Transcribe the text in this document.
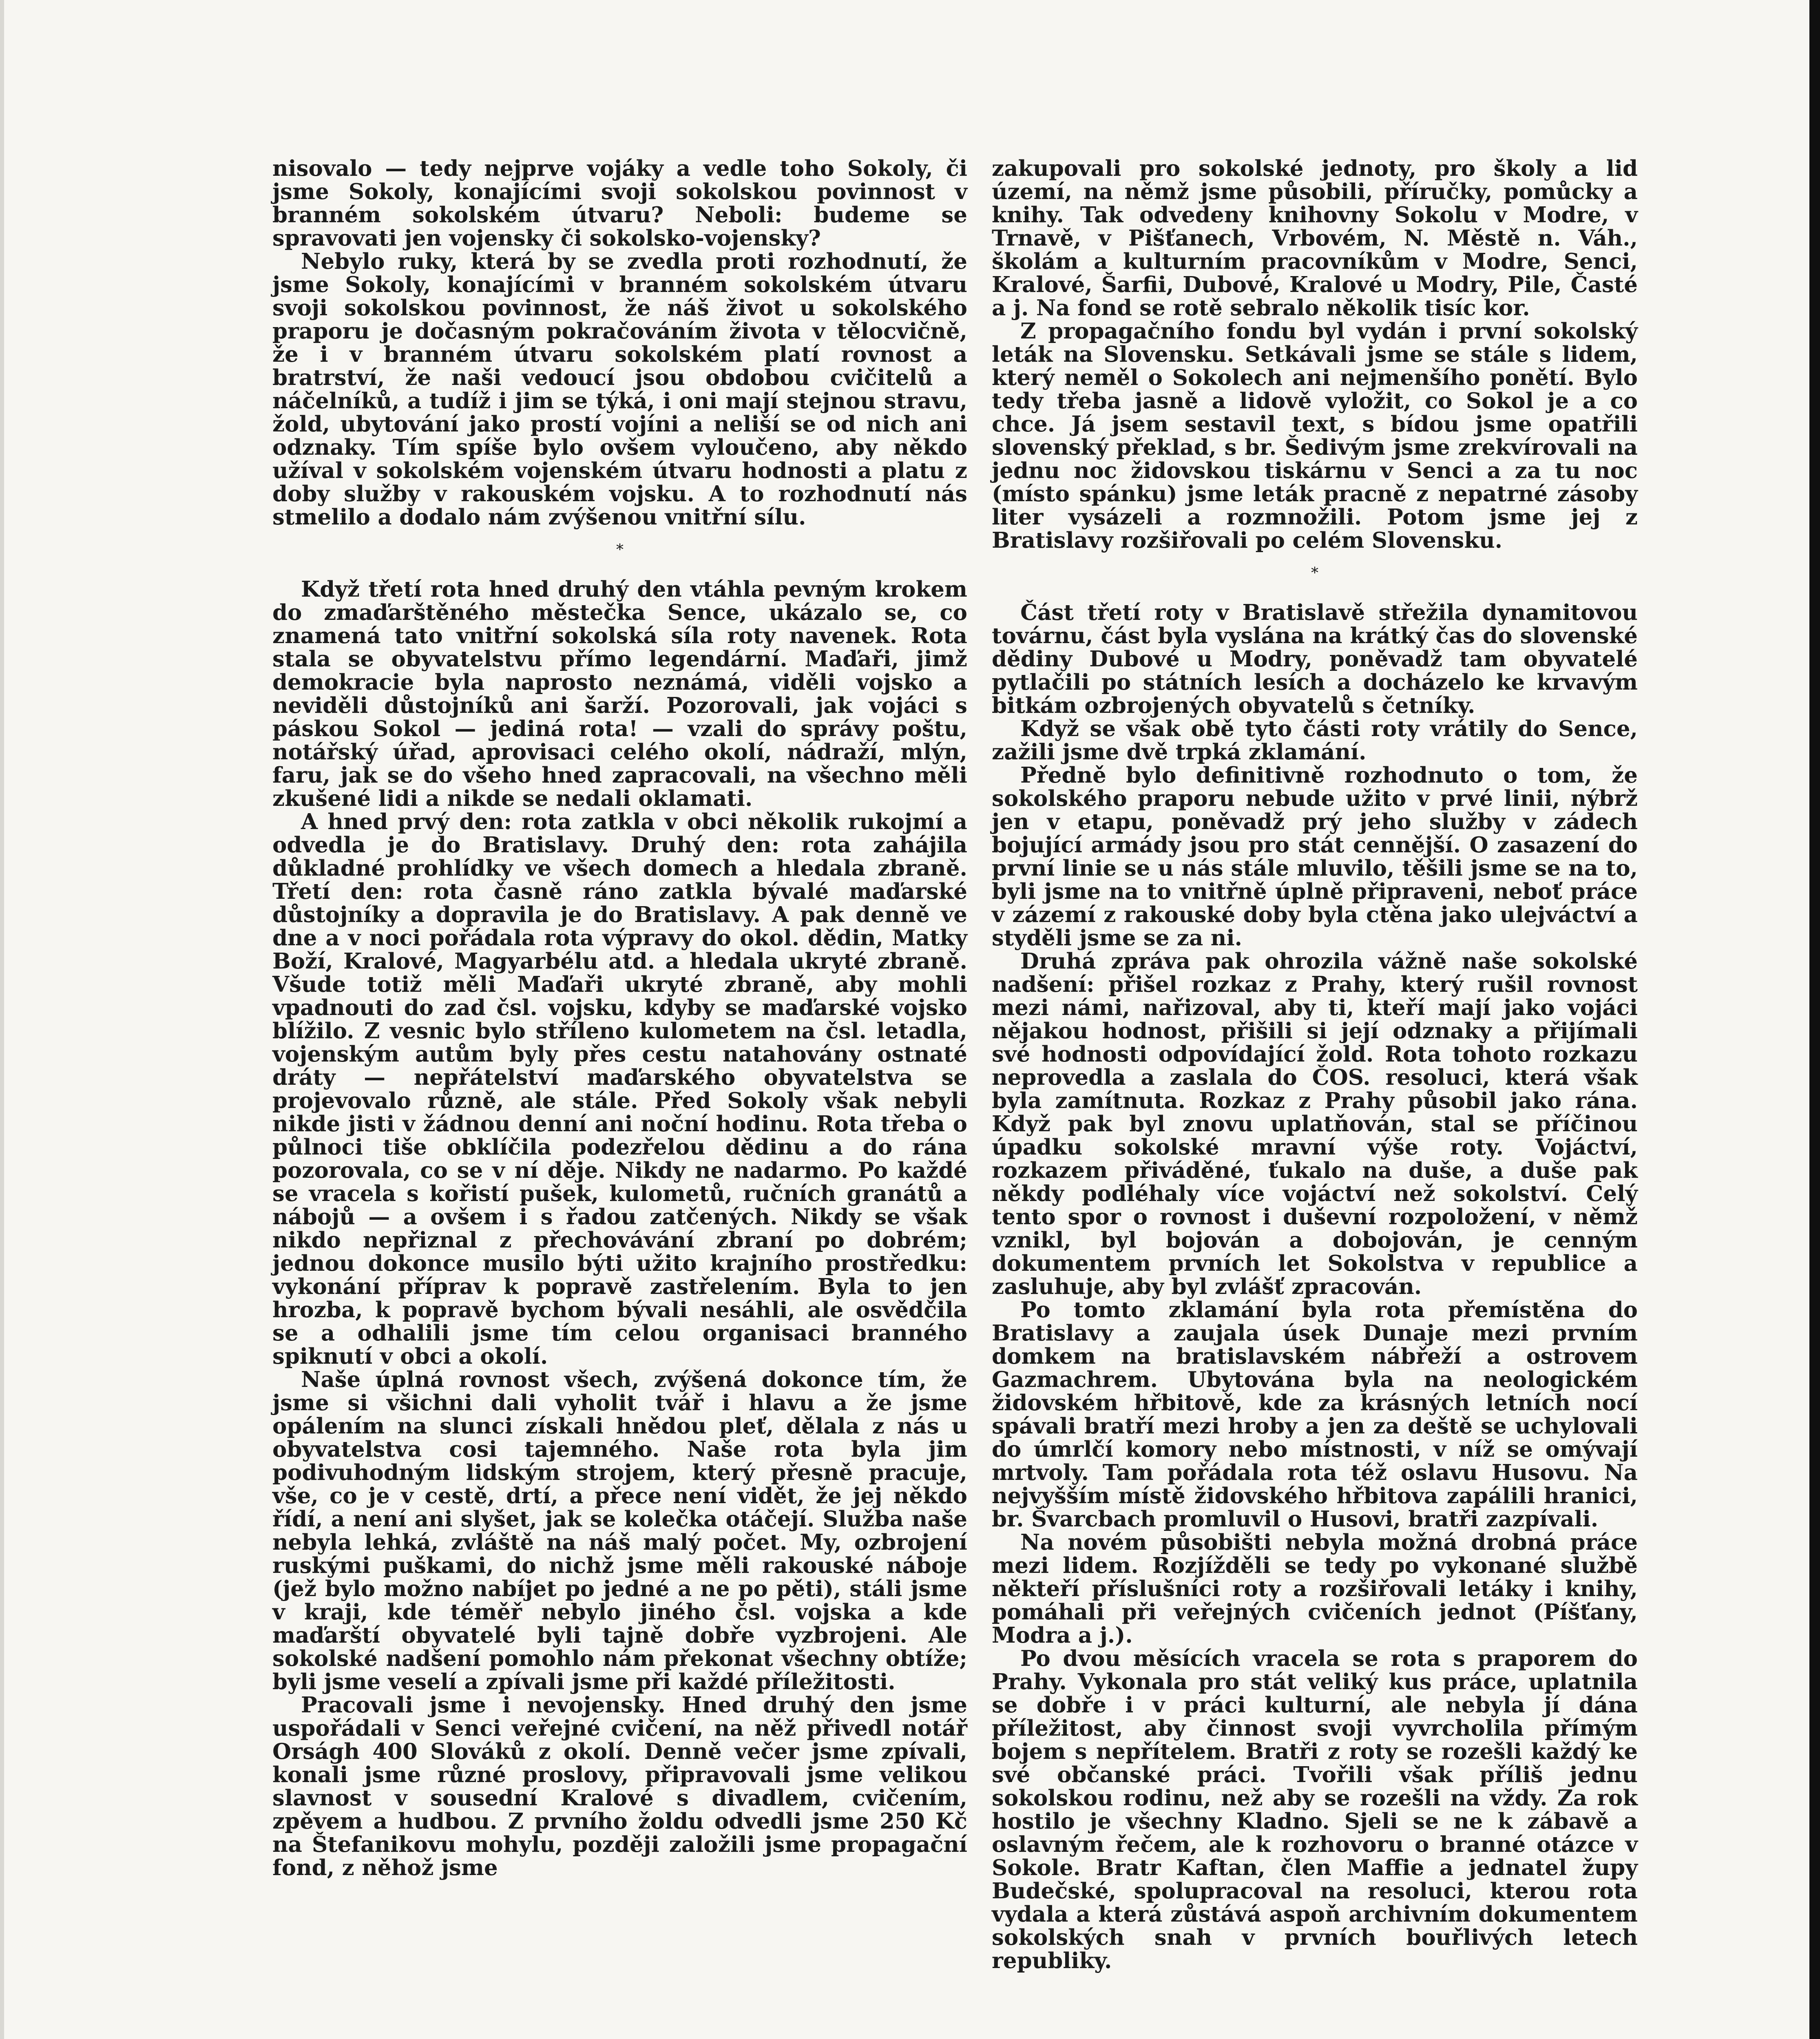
nisovalo — tedy nejprve vojáky a vedle toho Sokoly, či jsme Sokoly, konajícími svoji sokolskou povinnost v branném sokolském útvaru? Neboli: budeme se spravovati jen vojensky či sokolsko-vojensky?

Nebylo ruky, která by se zvedla proti rozhodnutí, že jsme Sokoly, konajícími v branném sokolském útvaru svoji sokolskou povinnost, že náš život u sokolského praporu je dočasným pokračováním života v tělocvičně, že i v branném útvaru sokolském platí rovnost a bratrství, že naši vedoucí jsou obdobou cvičitelů a náčelníků, a tudíž i jim se týká, i oni mají stejnou stravu, žold, ubytování jako prostí vojíni a neliší se od nich ani odznaky. Tím spíše bylo ovšem vyloučeno, aby někdo užíval v sokolském vojenském útvaru hodnosti a platu z doby služby v rakouském vojsku. A to rozhodnutí nás stmelilo a dodalo nám zvýšenou vnitřní sílu.

*

Když třetí rota hned druhý den vtáhla pevným krokem do zmaďarštěného městečka Sence, ukázalo se, co znamená tato vnitřní sokolská síla roty navenek. Rota stala se obyvatelstvu přímo legendární. Maďaři, jimž demokracie byla naprosto neznámá, viděli vojsko a neviděli důstojníků ani šarží. Pozorovali, jak vojáci s páskou Sokol — jediná rota! — vzali do správy poštu, notářský úřad, aprovisaci celého okolí, nádraží, mlýn, faru, jak se do všeho hned zapracovali, na všechno měli zkušené lidi a nikde se nedali oklamati.

A hned prvý den: rota zatkla v obci několik rukojmí a odvedla je do Bratislavy. Druhý den: rota zahájila důkladné prohlídky ve všech domech a hledala zbraně. Třetí den: rota časně ráno zatkla bývalé maďarské důstojníky a dopravila je do Bratislavy. A pak denně ve dne a v noci pořádala rota výpravy do okol. dědin, Matky Boží, Kralové, Magyarbélu atd. a hledala ukryté zbraně. Všude totiž měli Maďaři ukryté zbraně, aby mohli vpadnouti do zad čsl. vojsku, kdyby se maďarské vojsko blížilo. Z vesnic bylo stříleno kulometem na čsl. letadla, vojenským autům byly přes cestu natahovány ostnaté dráty — nepřátelství maďarského obyvatelstva se projevovalo různě, ale stále. Před Sokoly však nebyli nikde jisti v žádnou denní ani noční hodinu. Rota třeba o půlnoci tiše obklíčila podezřelou dědinu a do rána pozorovala, co se v ní děje. Nikdy ne nadarmo. Po každé se vracela s kořistí pušek, kulometů, ručních granátů a nábojů — a ovšem i s řadou zatčených. Nikdy se však nikdo nepřiznal z přechovávání zbraní po dobrém; jednou dokonce musilo býti užito krajního prostředku: vykonání příprav k popravě zastřelením. Byla to jen hrozba, k popravě bychom bývali nesáhli, ale osvědčila se a odhalili jsme tím celou organisaci branného spiknutí v obci a okolí.

Naše úplná rovnost všech, zvýšená dokonce tím, že jsme si všichni dali vyholit tvář i hlavu a že jsme opálením na slunci získali hnědou pleť, dělala z nás u obyvatelstva cosi tajemného. Naše rota byla jim podivuhodným lidským strojem, který přesně pracuje, vše, co je v cestě, drtí, a přece není vidět, že jej někdo řídí, a není ani slyšet, jak se kolečka otáčejí. Služba naše nebyla lehká, zvláště na náš malý počet. My, ozbrojení ruskými puškami, do nichž jsme měli rakouské náboje (jež bylo možno nabíjet po jedné a ne po pěti), stáli jsme v kraji, kde téměř nebylo jiného čsl. vojska a kde maďarští obyvatelé byli tajně dobře vyzbrojeni. Ale sokolské nadšení pomohlo nám překonat všechny obtíže; byli jsme veselí a zpívali jsme při každé příležitosti.

Pracovali jsme i nevojensky. Hned druhý den jsme uspořádali v Senci veřejné cvičení, na něž přivedl notář Orságh 400 Slováků z okolí. Denně večer jsme zpívali, konali jsme různé proslovy, připravovali jsme velikou slavnost v sousední Kralové s divadlem, cvičením, zpěvem a hudbou. Z prvního žoldu odvedli jsme 250 Kč na Štefanikovu mohylu, později založili jsme propagační fond, z něhož jsme

zakupovali pro sokolské jednoty, pro školy a lid území, na němž jsme působili, příručky, pomůcky a knihy. Tak odvedeny knihovny Sokolu v Modre, v Trnavě, v Pišťanech, Vrbovém, N. Městě n. Váh., školám a kulturním pracovníkům v Modre, Senci, Kralové, Šarfii, Dubové, Kralové u Modry, Pile, Časté a j. Na fond se rotě sebralo několik tisíc kor.

Z propagačního fondu byl vydán i první sokolský leták na Slovensku. Setkávali jsme se stále s lidem, který neměl o Sokolech ani nejmenšího ponětí. Bylo tedy třeba jasně a lidově vyložit, co Sokol je a co chce. Já jsem sestavil text, s bídou jsme opatřili slovenský překlad, s br. Šedivým jsme zrekvírovali na jednu noc židovskou tiskárnu v Senci a za tu noc (místo spánku) jsme leták pracně z nepatrné zásoby liter vysázeli a rozmnožili. Potom jsme jej z Bratislavy rozšiřovali po celém Slovensku.

*

Část třetí roty v Bratislavě střežila dynamitovou továrnu, část byla vyslána na krátký čas do slovenské dědiny Dubové u Modry, poněvadž tam obyvatelé pytlačili po státních lesích a docházelo ke krvavým bitkám ozbrojených obyvatelů s četníky.

Když se však obě tyto části roty vrátily do Sence, zažili jsme dvě trpká zklamání.

Předně bylo definitivně rozhodnuto o tom, že sokolského praporu nebude užito v prvé linii, nýbrž jen v etapu, poněvadž prý jeho služby v zádech bojující armády jsou pro stát cennější. O zasazení do první linie se u nás stále mluvilo, těšili jsme se na to, byli jsme na to vnitřně úplně připraveni, neboť práce v zázemí z rakouské doby byla ctěna jako ulejváctví a styděli jsme se za ni.

Druhá zpráva pak ohrozila vážně naše sokolské nadšení: přišel rozkaz z Prahy, který rušil rovnost mezi námi, nařizoval, aby ti, kteří mají jako vojáci nějakou hodnost, přišili si její odznaky a přijímali své hodnosti odpovídající žold. Rota tohoto rozkazu neprovedla a zaslala do ČOS. resoluci, která však byla zamítnuta. Rozkaz z Prahy působil jako rána. Když pak byl znovu uplatňován, stal se příčinou úpadku sokolské mravní výše roty. Vojáctví, rozkazem přiváděné, ťukalo na duše, a duše pak někdy podléhaly více vojáctví než sokolství. Celý tento spor o rovnost i duševní rozpoložení, v němž vznikl, byl bojován a dobojován, je cenným dokumentem prvních let Sokolstva v republice a zasluhuje, aby byl zvlášť zpracován.

Po tomto zklamání byla rota přemístěna do Bratislavy a zaujala úsek Dunaje mezi prvním domkem na bratislavském nábřeží a ostrovem Gazmachrem. Ubytována byla na neologickém židovském hřbitově, kde za krásných letních nocí spávali bratří mezi hroby a jen za deště se uchylovali do úmrlčí komory nebo místnosti, v níž se omývají mrtvoly. Tam pořádala rota též oslavu Husovu. Na nejvyšším místě židovského hřbitova zapálili hranici, br. Švarcbach promluvil o Husovi, bratři zazpívali.

Na novém působišti nebyla možná drobná práce mezi lidem. Rozjížděli se tedy po vykonané službě někteří příslušníci roty a rozšiřovali letáky i knihy, pomáhali při veřejných cvičeních jednot (Píšťany, Modra a j.).

Po dvou měsících vracela se rota s praporem do Prahy. Vykonala pro stát veliký kus práce, uplatnila se dobře i v práci kulturní, ale nebyla jí dána příležitost, aby činnost svoji vyvrcholila přímým bojem s nepřítelem. Bratři z roty se rozešli každý ke své občanské práci. Tvořili však příliš jednu sokolskou rodinu, než aby se rozešli na vždy. Za rok hostilo je všechny Kladno. Sjeli se ne k zábavě a oslavným řečem, ale k rozhovoru o branné otázce v Sokole. Bratr Kaftan, člen Maffie a jednatel župy Budečské, spolupracoval na resoluci, kterou rota vydala a která zůstává aspoň archivním dokumentem sokolských snah v prvních bouřlivých letech republiky.
